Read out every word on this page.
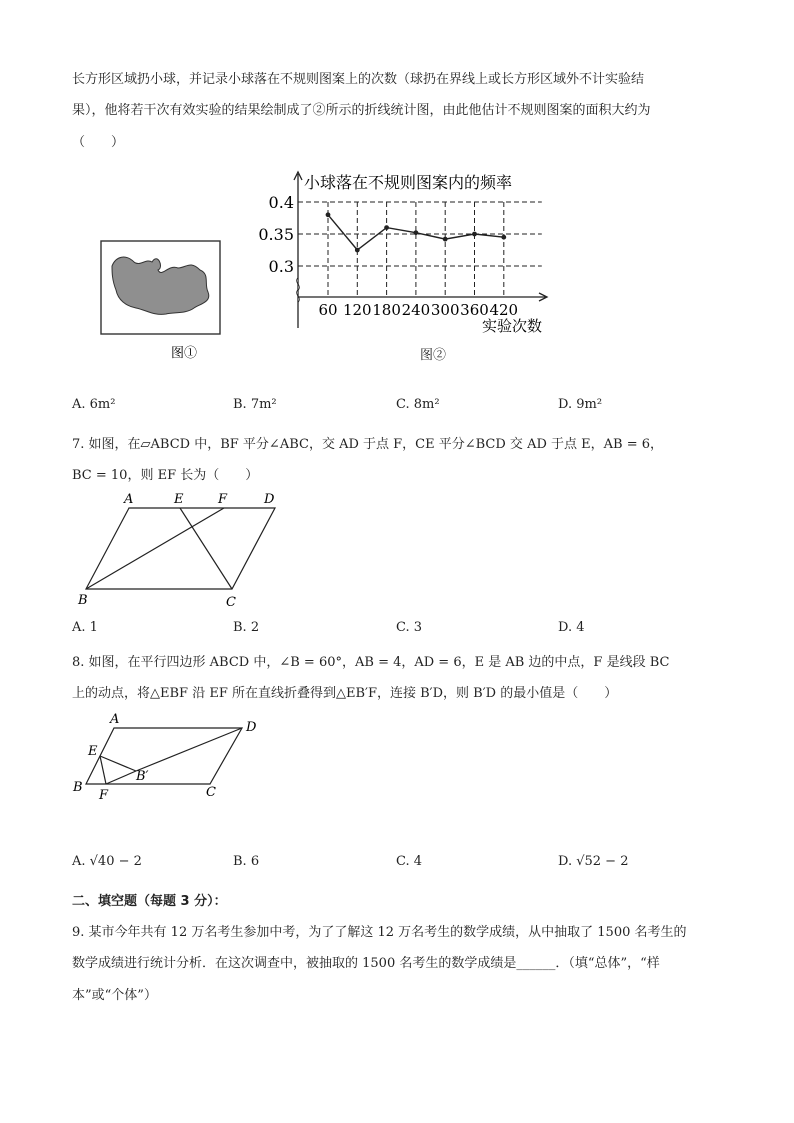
长方形区域扔小球，并记录小球落在不规则图案上的次数（球扔在界线上或长方形区域外不计实验结
果），他将若干次有效实验的结果绘制成了②所示的折线统计图，由此他估计不规则图案的面积大约为
（　　）
图①
小球落在不规则图案内的频率
实验次数
0.4
0.35
0.3
60 120 180 240 300 360 420
图②
A. 6m²	B. 7m²	C. 8m²	D. 9m²
7. 如图，在▱ABCD 中，BF 平分∠ABC，交 AD 于点 F，CE 平分∠BCD 交 AD 于点 E，AB = 6，
BC = 10，则 EF 长为（　　）
A	E	F	D
B	C
A. 1	B. 2	C. 3	D. 4
8. 如图，在平行四边形 ABCD 中，∠B = 60°，AB = 4，AD = 6，E 是 AB 边的中点，F 是线段 BC
上的动点，将△EBF 沿 EF 所在直线折叠得到△EB′F，连接 B′D，则 B′D 的最小值是（　　）
A
D
E
B′
B
F	C
A. √40 − 2	B. 6	C. 4	D. √52 − 2
二、填空题（每题 3 分）：
9. 某市今年共有 12 万名考生参加中考，为了了解这 12 万名考生的数学成绩，从中抽取了 1500 名考生的
数学成绩进行统计分析．在这次调查中，被抽取的 1500 名考生的数学成绩是______．（填“总体”，“样
本”或“个体”）
